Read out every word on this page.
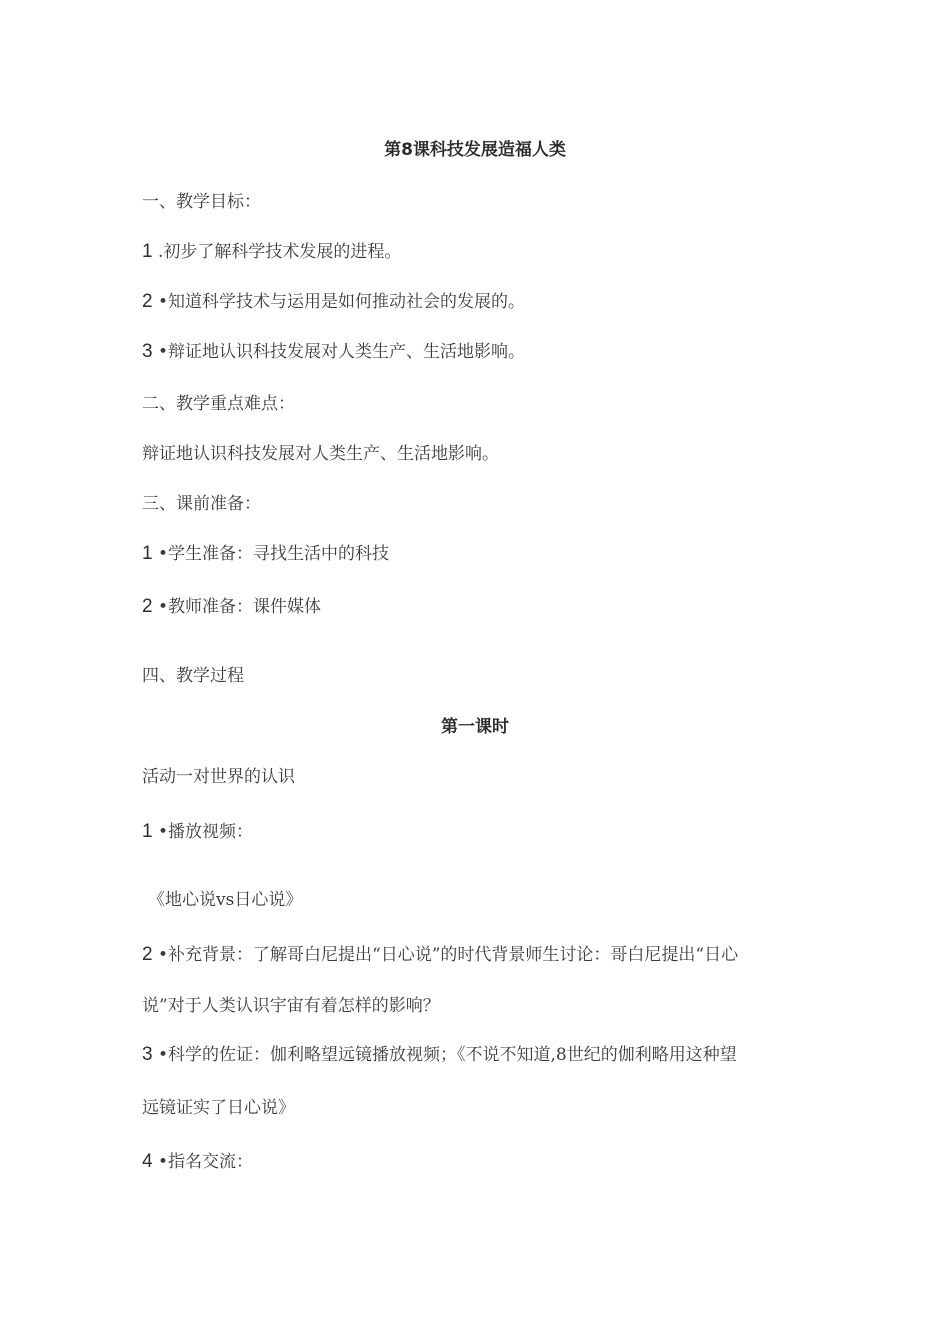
第8课科技发展造福人类
一、教学目标：
1 .初步了解科学技术发展的进程。
2 •知道科学技术与运用是如何推动社会的发展的。
3 •辩证地认识科技发展对人类生产、生活地影响。
二、教学重点难点：
辩证地认识科技发展对人类生产、生活地影响。
三、课前准备：
1 •学生准备：寻找生活中的科技
2 •教师准备：课件媒体
四、教学过程
第一课时
活动一对世界的认识
1 •播放视频：
《地心说vs日心说》
2 •补充背景：了解哥白尼提出“日心说”的时代背景师生讨论：哥白尼提出“日心
说”对于人类认识宇宙有着怎样的影响？
3 •科学的佐证：伽利略望远镜播放视频；《不说不知道,8世纪的伽利略用这种望
远镜证实了日心说》
4 •指名交流：
